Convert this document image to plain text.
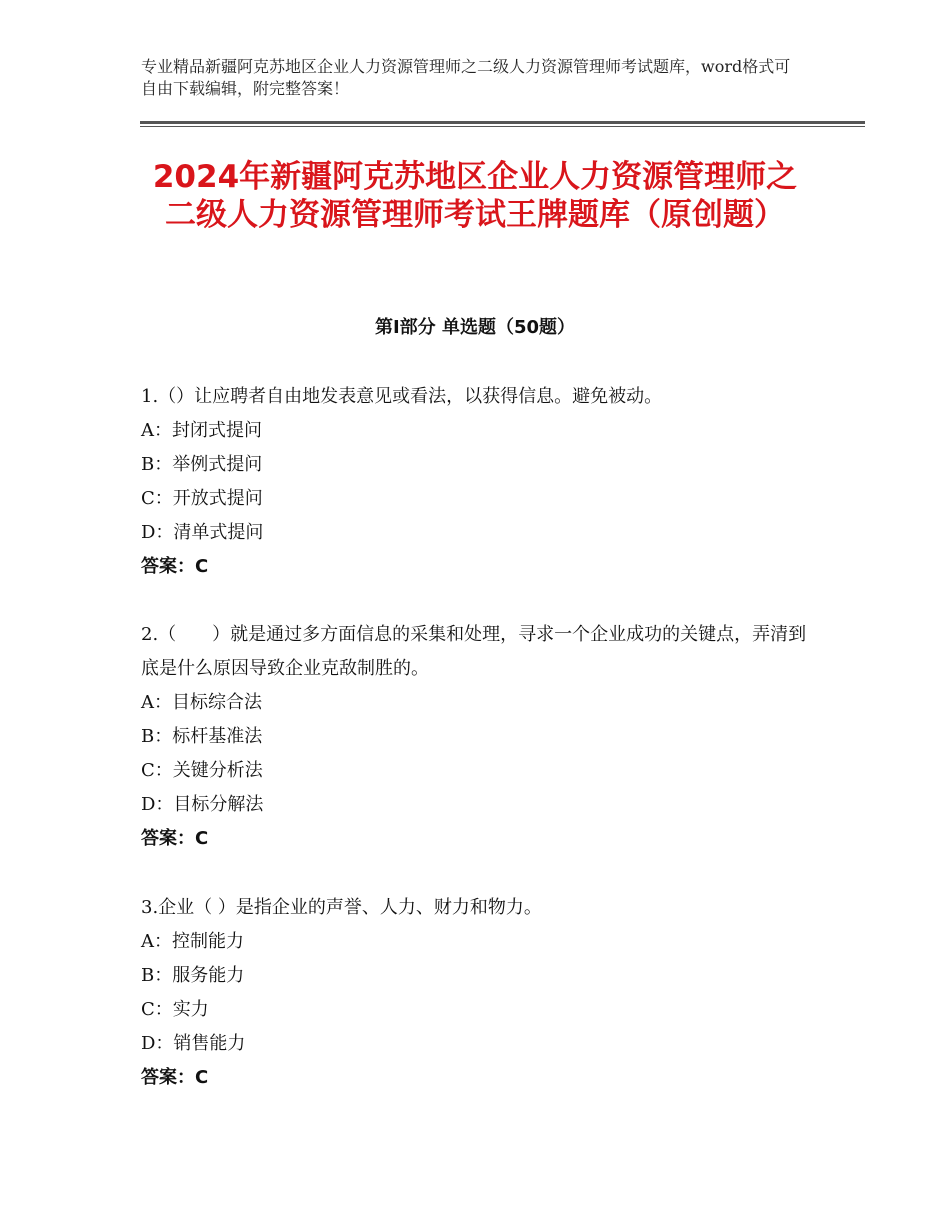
专业精品新疆阿克苏地区企业人力资源管理师之二级人力资源管理师考试题库，word格式可自由下载编辑，附完整答案！
2024年新疆阿克苏地区企业人力资源管理师之二级人力资源管理师考试王牌题库（原创题）
第Ⅰ部分 单选题（50题）
1.（）让应聘者自由地发表意见或看法，以获得信息。避免被动。
A：封闭式提问
B：举例式提问
C：开放式提问
D：清单式提问
答案：C
2.（　　）就是通过多方面信息的采集和处理，寻求一个企业成功的关键点，弄清到底是什么原因导致企业克敌制胜的。
A：目标综合法
B：标杆基准法
C：关键分析法
D：目标分解法
答案：C
3.企业（ ）是指企业的声誉、人力、财力和物力。
A：控制能力
B：服务能力
C：实力
D：销售能力
答案：C
